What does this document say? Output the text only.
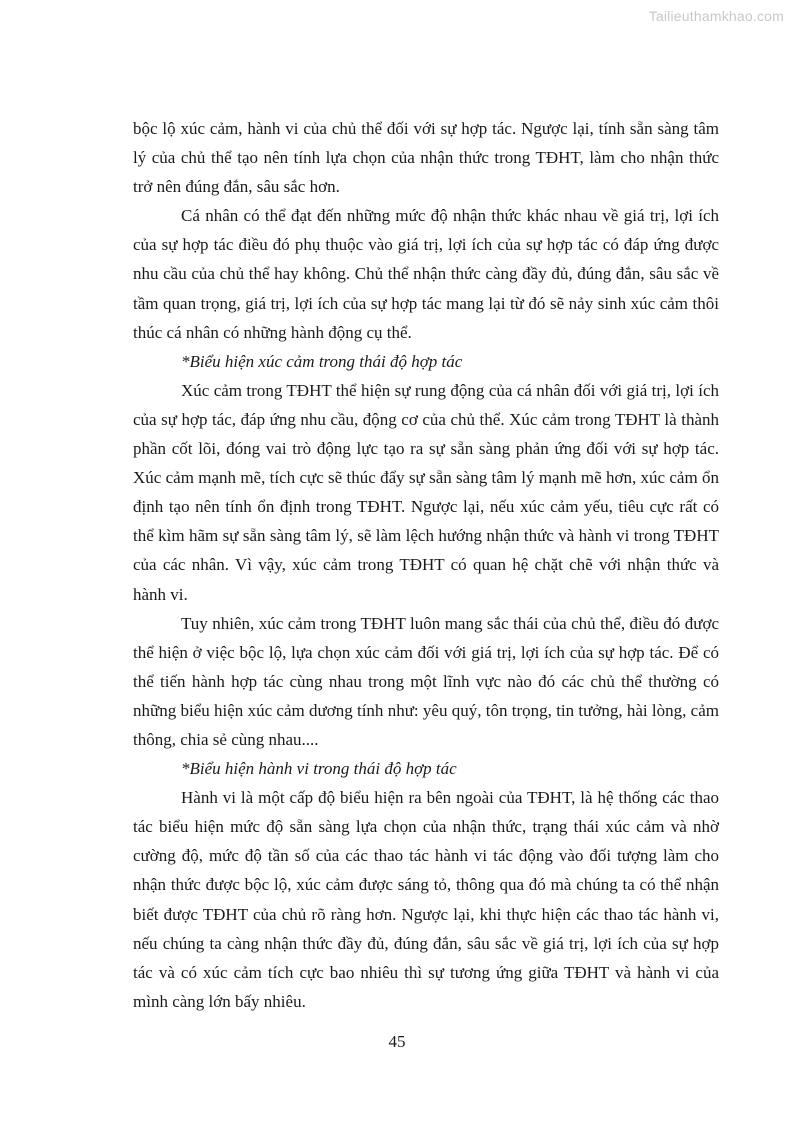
Tailieuthamkhao.com

bộc lộ xúc cảm, hành vi của chủ thể đối với sự hợp tác. Ngược lại, tính sẵn sàng tâm lý của chủ thể tạo nên tính lựa chọn của nhận thức trong TĐHT, làm cho nhận thức trở nên đúng đắn, sâu sắc hơn.

Cá nhân có thể đạt đến những mức độ nhận thức khác nhau về giá trị, lợi ích của sự hợp tác điều đó phụ thuộc vào giá trị, lợi ích của sự hợp tác có đáp ứng được nhu cầu của chủ thể hay không. Chủ thể nhận thức càng đầy đủ, đúng đắn, sâu sắc về tầm quan trọng, giá trị, lợi ích của sự hợp tác mang lại từ đó sẽ nảy sinh xúc cảm thôi thúc cá nhân có những hành động cụ thể.

*Biểu hiện xúc cảm trong thái độ hợp tác

Xúc cảm trong TĐHT thể hiện sự rung động của cá nhân đối với giá trị, lợi ích của sự hợp tác, đáp ứng nhu cầu, động cơ của chủ thể. Xúc cảm trong TĐHT là thành phần cốt lõi, đóng vai trò động lực tạo ra sự sẵn sàng phản ứng đối với sự hợp tác. Xúc cảm mạnh mẽ, tích cực sẽ thúc đẩy sự sẵn sàng tâm lý mạnh mẽ hơn, xúc cảm ổn định tạo nên tính ổn định trong TĐHT. Ngược lại, nếu xúc cảm yếu, tiêu cực rất có thể kìm hãm sự sẵn sàng tâm lý, sẽ làm lệch hướng nhận thức và hành vi trong TĐHT của các nhân. Vì vậy, xúc cảm trong TĐHT có quan hệ chặt chẽ với nhận thức và hành vi.

Tuy nhiên, xúc cảm trong TĐHT luôn mang sắc thái của chủ thể, điều đó được thể hiện ở việc bộc lộ, lựa chọn xúc cảm đối với giá trị, lợi ích của sự hợp tác. Để có thể tiến hành hợp tác cùng nhau trong một lĩnh vực nào đó các chủ thể thường có những biểu hiện xúc cảm dương tính như: yêu quý, tôn trọng, tin tưởng, hài lòng, cảm thông, chia sẻ cùng nhau....

*Biểu hiện hành vi trong thái độ hợp tác

Hành vi là một cấp độ biểu hiện ra bên ngoài của TĐHT, là hệ thống các thao tác biểu hiện mức độ sẵn sàng lựa chọn của nhận thức, trạng thái xúc cảm và nhờ cường độ, mức độ tần số của các thao tác hành vi tác động vào đối tượng làm cho nhận thức được bộc lộ, xúc cảm được sáng tỏ, thông qua đó mà chúng ta có thể nhận biết được TĐHT của chủ rõ ràng hơn. Ngược lại, khi thực hiện các thao tác hành vi, nếu chúng ta càng nhận thức đầy đủ, đúng đắn, sâu sắc về giá trị, lợi ích của sự hợp tác và có xúc cảm tích cực bao nhiêu thì sự tương ứng giữa TĐHT và hành vi của mình càng lớn bấy nhiêu.

45
